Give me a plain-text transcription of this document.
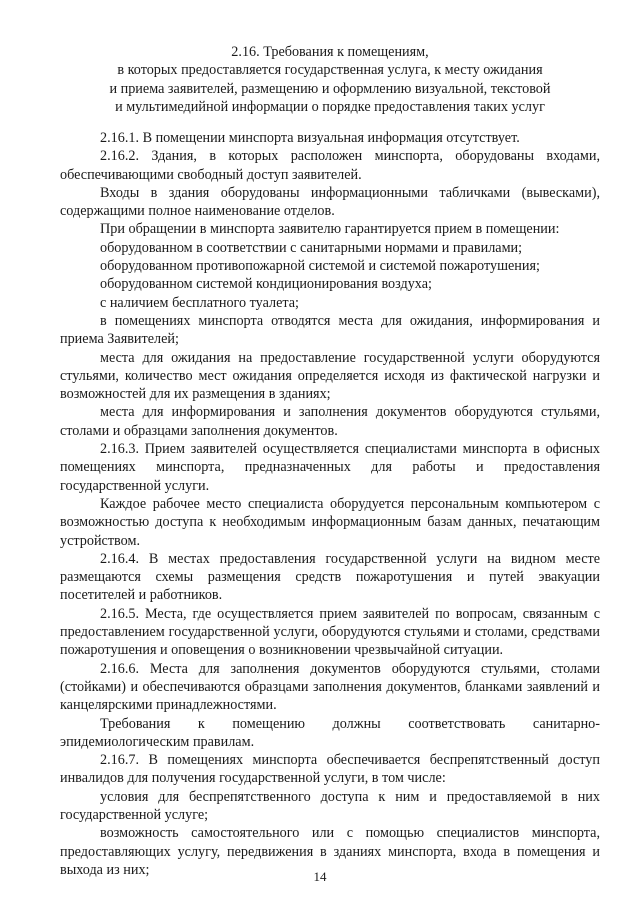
2.16. Требования к помещениям,
в которых предоставляется государственная услуга, к месту ожидания
и приема заявителей, размещению и оформлению визуальной, текстовой
и мультимедийной информации о порядке предоставления таких услуг

2.16.1. В помещении минспорта визуальная информация отсутствует.

2.16.2. Здания, в которых расположен минспорта, оборудованы входами, обеспечивающими свободный доступ заявителей.

Входы в здания оборудованы информационными табличками (вывесками), содержащими полное наименование отделов.

При обращении в минспорта заявителю гарантируется прием в помещении:

оборудованном в соответствии с санитарными нормами и правилами;

оборудованном противопожарной системой и системой пожаротушения;

оборудованном системой кондиционирования воздуха;

с наличием бесплатного туалета;

в помещениях минспорта отводятся места для ожидания, информирования и приема Заявителей;

места для ожидания на предоставление государственной услуги оборудуются стульями, количество мест ожидания определяется исходя из фактической нагрузки и возможностей для их размещения в зданиях;

места для информирования и заполнения документов оборудуются стульями, столами и образцами заполнения документов.

2.16.3. Прием заявителей осуществляется специалистами минспорта в офисных помещениях минспорта, предназначенных для работы и предоставления государственной услуги.

Каждое рабочее место специалиста оборудуется персональным компьютером с возможностью доступа к необходимым информационным базам данных, печатающим устройством.

2.16.4. В местах предоставления государственной услуги на видном месте размещаются схемы размещения средств пожаротушения и путей эвакуации посетителей и работников.

2.16.5. Места, где осуществляется прием заявителей по вопросам, связанным с предоставлением государственной услуги, оборудуются стульями и столами, средствами пожаротушения и оповещения о возникновении чрезвычайной ситуации.

2.16.6. Места для заполнения документов оборудуются стульями, столами (стойками) и обеспечиваются образцами заполнения документов, бланками заявлений и канцелярскими принадлежностями.

Требования к помещению должны соответствовать санитарно-эпидемиологическим правилам.

2.16.7. В помещениях минспорта обеспечивается беспрепятственный доступ инвалидов для получения государственной услуги, в том числе:

условия для беспрепятственного доступа к ним и предоставляемой в них государственной услуге;

возможность самостоятельного или с помощью специалистов минспорта, предоставляющих услугу, передвижения в зданиях минспорта, входа в помещения и выхода из них;	14
